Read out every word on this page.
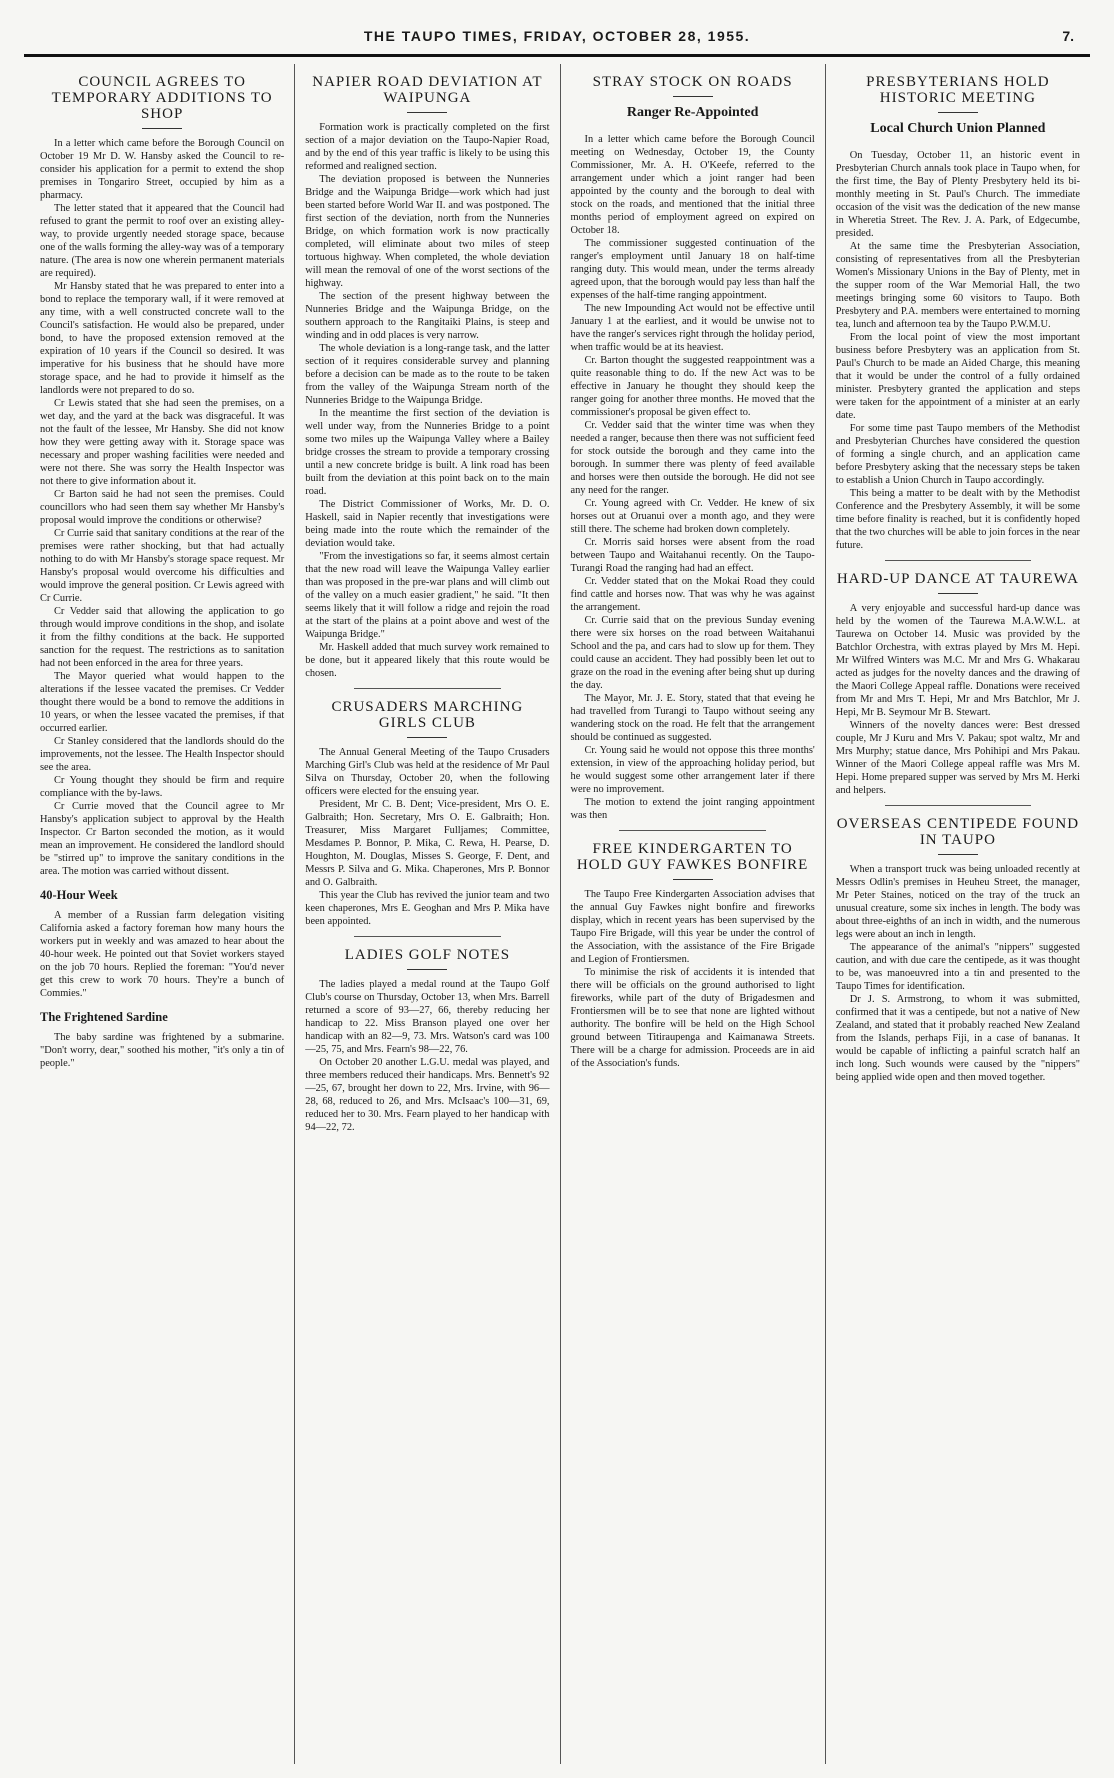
THE TAUPO TIMES, FRIDAY, OCTOBER 28, 1955.	7.
COUNCIL AGREES TO TEMPORARY ADDITIONS TO SHOP

In a letter which came before the Borough Council on October 19 Mr D. W. Hansby asked the Council to re-consider his application for a permit to extend the shop premises in Tongariro Street, occupied by him as a pharmacy.

The letter stated that it appeared that the Council had refused to grant the permit to roof over an existing alley-way, to provide urgently needed storage space, because one of the walls forming the alley-way was of a temporary nature. (The area is now one wherein permanent materials are required).

Mr Hansby stated that he was prepared to enter into a bond to replace the temporary wall, if it were removed at any time, with a well constructed concrete wall to the Council's satisfaction. He would also be prepared, under bond, to have the proposed extension removed at the expiration of 10 years if the Council so desired. It was imperative for his business that he should have more storage space, and he had to provide it himself as the landlords were not prepared to do so.

Cr Lewis stated that she had seen the premises, on a wet day, and the yard at the back was disgraceful. It was not the fault of the lessee, Mr Hansby. She did not know how they were getting away with it. Storage space was necessary and proper washing facilities were needed and were not there. She was sorry the Health Inspector was not there to give information about it.

Cr Barton said he had not seen the premises. Could councillors who had seen them say whether Mr Hansby's proposal would improve the conditions or otherwise?

Cr Currie said that sanitary conditions at the rear of the premises were rather shocking, but that had actually nothing to do with Mr Hansby's storage space request. Mr Hansby's proposal would overcome his difficulties and would improve the general position. Cr Lewis agreed with Cr Currie.

Cr Vedder said that allowing the application to go through would improve conditions in the shop, and isolate it from the filthy conditions at the back. He supported sanction for the request. The restrictions as to sanitation had not been enforced in the area for three years.

The Mayor queried what would happen to the alterations if the lessee vacated the premises. Cr Vedder thought there would be a bond to remove the additions in 10 years, or when the lessee vacated the premises, if that occurred earlier.

Cr Stanley considered that the landlords should do the improvements, not the lessee. The Health Inspector should see the area.

Cr Young thought they should be firm and require compliance with the by-laws.

Cr Currie moved that the Council agree to Mr Hansby's application subject to approval by the Health Inspector. Cr Barton seconded the motion, as it would mean an improvement. He considered the landlord should be "stirred up" to improve the sanitary conditions in the area. The motion was carried without dissent.

40-Hour Week

A member of a Russian farm delegation visiting California asked a factory foreman how many hours the workers put in weekly and was amazed to hear about the 40-hour week. He pointed out that Soviet workers stayed on the job 70 hours. Replied the foreman: "You'd never get this crew to work 70 hours. They're a bunch of Commies."

The Frightened Sardine

The baby sardine was frightened by a submarine. "Don't worry, dear," soothed his mother, "it's only a tin of people."

NAPIER ROAD DEVIATION AT WAIPUNGA

Formation work is practically completed on the first section of a major deviation on the Taupo-Napier Road, and by the end of this year traffic is likely to be using this reformed and realigned section.

The deviation proposed is between the Nunneries Bridge and the Waipunga Bridge—work which had just been started before World War II. and was postponed. The first section of the deviation, north from the Nunneries Bridge, on which formation work is now practically completed, will eliminate about two miles of steep tortuous highway. When completed, the whole deviation will mean the removal of one of the worst sections of the highway.

The section of the present highway between the Nunneries Bridge and the Waipunga Bridge, on the southern approach to the Rangitaiki Plains, is steep and winding and in odd places is very narrow.

The whole deviation is a long-range task, and the latter section of it requires considerable survey and planning before a decision can be made as to the route to be taken from the valley of the Waipunga Stream north of the Nunneries Bridge to the Waipunga Bridge.

In the meantime the first section of the deviation is well under way, from the Nunneries Bridge to a point some two miles up the Waipunga Valley where a Bailey bridge crosses the stream to provide a temporary crossing until a new concrete bridge is built. A link road has been built from the deviation at this point back on to the main road.

The District Commissioner of Works, Mr. D. O. Haskell, said in Napier recently that investigations were being made into the route which the remainder of the deviation would take.

"From the investigations so far, it seems almost certain that the new road will leave the Waipunga Valley earlier than was proposed in the pre-war plans and will climb out of the valley on a much easier gradient," he said. "It then seems likely that it will follow a ridge and rejoin the road at the start of the plains at a point above and west of the Waipunga Bridge."

Mr. Haskell added that much survey work remained to be done, but it appeared likely that this route would be chosen.

CRUSADERS MARCHING GIRLS CLUB

The Annual General Meeting of the Taupo Crusaders Marching Girl's Club was held at the residence of Mr Paul Silva on Thursday, October 20, when the following officers were elected for the ensuing year.

President, Mr C. B. Dent; Vice-president, Mrs O. E. Galbraith; Hon. Secretary, Mrs O. E. Galbraith; Hon. Treasurer, Miss Margaret Fulljames; Committee, Mesdames P. Bonnor, P. Mika, C. Rewa, H. Pearse, D. Houghton, M. Douglas, Misses S. George, F. Dent, and Messrs P. Silva and G. Mika. Chaperones, Mrs P. Bonnor and O. Galbraith.

This year the Club has revived the junior team and two keen chaperones, Mrs E. Geoghan and Mrs P. Mika have been appointed.

LADIES GOLF NOTES

The ladies played a medal round at the Taupo Golf Club's course on Thursday, October 13, when Mrs. Barrell returned a score of 93—27, 66, thereby reducing her handicap to 22. Miss Branson played one over her handicap with an 82—9, 73. Mrs. Watson's card was 100—25, 75, and Mrs. Fearn's 98—22, 76.

On October 20 another L.G.U. medal was played, and three members reduced their handicaps. Mrs. Bennett's 92—25, 67, brought her down to 22, Mrs. Irvine, with 96—28, 68, reduced to 26, and Mrs. McIsaac's 100—31, 69, reduced her to 30. Mrs. Fearn played to her handicap with 94—22, 72.

STRAY STOCK ON ROADS
Ranger Re-Appointed

In a letter which came before the Borough Council meeting on Wednesday, October 19, the County Commissioner, Mr. A. H. O'Keefe, referred to the arrangement under which a joint ranger had been appointed by the county and the borough to deal with stock on the roads, and mentioned that the initial three months period of employment agreed on expired on October 18.

The commissioner suggested continuation of the ranger's employment until January 18 on half-time ranging duty. This would mean, under the terms already agreed upon, that the borough would pay less than half the expenses of the half-time ranging appointment.

The new Impounding Act would not be effective until January 1 at the earliest, and it would be unwise not to have the ranger's services right through the holiday period, when traffic would be at its heaviest.

Cr. Barton thought the suggested reappointment was a quite reasonable thing to do. If the new Act was to be effective in January he thought they should keep the ranger going for another three months. He moved that the commissioner's proposal be given effect to.

Cr. Vedder said that the winter time was when they needed a ranger, because then there was not sufficient feed for stock outside the borough and they came into the borough. In summer there was plenty of feed available and horses were then outside the borough. He did not see any need for the ranger.

Cr. Young agreed with Cr. Vedder. He knew of six horses out at Oruanui over a month ago, and they were still there. The scheme had broken down completely.

Cr. Morris said horses were absent from the road between Taupo and Waitahanui recently. On the Taupo-Turangi Road the ranging had had an effect.

Cr. Vedder stated that on the Mokai Road they could find cattle and horses now. That was why he was against the arrangement.

Cr. Currie said that on the previous Sunday evening there were six horses on the road between Waitahanui School and the pa, and cars had to slow up for them. They could cause an accident. They had possibly been let out to graze on the road in the evening after being shut up during the day.

The Mayor, Mr. J. E. Story, stated that that eveing he had travelled from Turangi to Taupo without seeing any wandering stock on the road. He felt that the arrangement should be continued as suggested.

Cr. Young said he would not oppose this three months' extension, in view of the approaching holiday period, but he would suggest some other arrangement later if there were no improvement.

The motion to extend the joint ranging appointment was then

FREE KINDERGARTEN TO HOLD GUY FAWKES BONFIRE

The Taupo Free Kindergarten Association advises that the annual Guy Fawkes night bonfire and fireworks display, which in recent years has been supervised by the Taupo Fire Brigade, will this year be under the control of the Association, with the assistance of the Fire Brigade and Legion of Frontiersmen.

To minimise the risk of accidents it is intended that there will be officials on the ground authorised to light fireworks, while part of the duty of Brigadesmen and Frontiersmen will be to see that none are lighted without authority. The bonfire will be held on the High School ground between Titiraupenga and Kaimanawa Streets. There will be a charge for admission. Proceeds are in aid of the Association's funds.

PRESBYTERIANS HOLD HISTORIC MEETING
Local Church Union Planned

On Tuesday, October 11, an historic event in Presbyterian Church annals took place in Taupo when, for the first time, the Bay of Plenty Presbytery held its bi-monthly meeting in St. Paul's Church. The immediate occasion of the visit was the dedication of the new manse in Wheretia Street. The Rev. J. A. Park, of Edgecumbe, presided.

At the same time the Presbyterian Association, consisting of representatives from all the Presbyterian Women's Missionary Unions in the Bay of Plenty, met in the supper room of the War Memorial Hall, the two meetings bringing some 60 visitors to Taupo. Both Presbytery and P.A. members were entertained to morning tea, lunch and afternoon tea by the Taupo P.W.M.U.

From the local point of view the most important business before Presbytery was an application from St. Paul's Church to be made an Aided Charge, this meaning that it would be under the control of a fully ordained minister. Presbytery granted the application and steps were taken for the appointment of a minister at an early date.

For some time past Taupo members of the Methodist and Presbyterian Churches have considered the question of forming a single church, and an application came before Presbytery asking that the necessary steps be taken to establish a Union Church in Taupo accordingly.

This being a matter to be dealt with by the Methodist Conference and the Presbytery Assembly, it will be some time before finality is reached, but it is confidently hoped that the two churches will be able to join forces in the near future.

HARD-UP DANCE AT TAUREWA

A very enjoyable and successful hard-up dance was held by the women of the Taurewa M.A.W.W.L. at Taurewa on October 14. Music was provided by the Batchlor Orchestra, with extras played by Mrs M. Hepi. Mr Wilfred Winters was M.C. Mr and Mrs G. Whakarau acted as judges for the novelty dances and the drawing of the Maori College Appeal raffle. Donations were received from Mr and Mrs T. Hepi, Mr and Mrs Batchlor, Mr J. Hepi, Mr B. Seymour Mr B. Stewart.

Winners of the novelty dances were: Best dressed couple, Mr J Kuru and Mrs V. Pakau; spot waltz, Mr and Mrs Murphy; statue dance, Mrs Pohihipi and Mrs Pakau. Winner of the Maori College appeal raffle was Mrs M. Hepi. Home prepared supper was served by Mrs M. Herki and helpers.

OVERSEAS CENTIPEDE FOUND IN TAUPO

When a transport truck was being unloaded recently at Messrs Odlin's premises in Heuheu Street, the manager, Mr Peter Staines, noticed on the tray of the truck an unusual creature, some six inches in length. The body was about three-eighths of an inch in width, and the numerous legs were about an inch in length.

The appearance of the animal's "nippers" suggested caution, and with due care the centipede, as it was thought to be, was manoeuvred into a tin and presented to the Taupo Times for identification.

Dr J. S. Armstrong, to whom it was submitted, confirmed that it was a centipede, but not a native of New Zealand, and stated that it probably reached New Zealand from the Islands, perhaps Fiji, in a case of bananas. It would be capable of inflicting a painful scratch half an inch long. Such wounds were caused by the "nippers" being applied wide open and then moved together.
